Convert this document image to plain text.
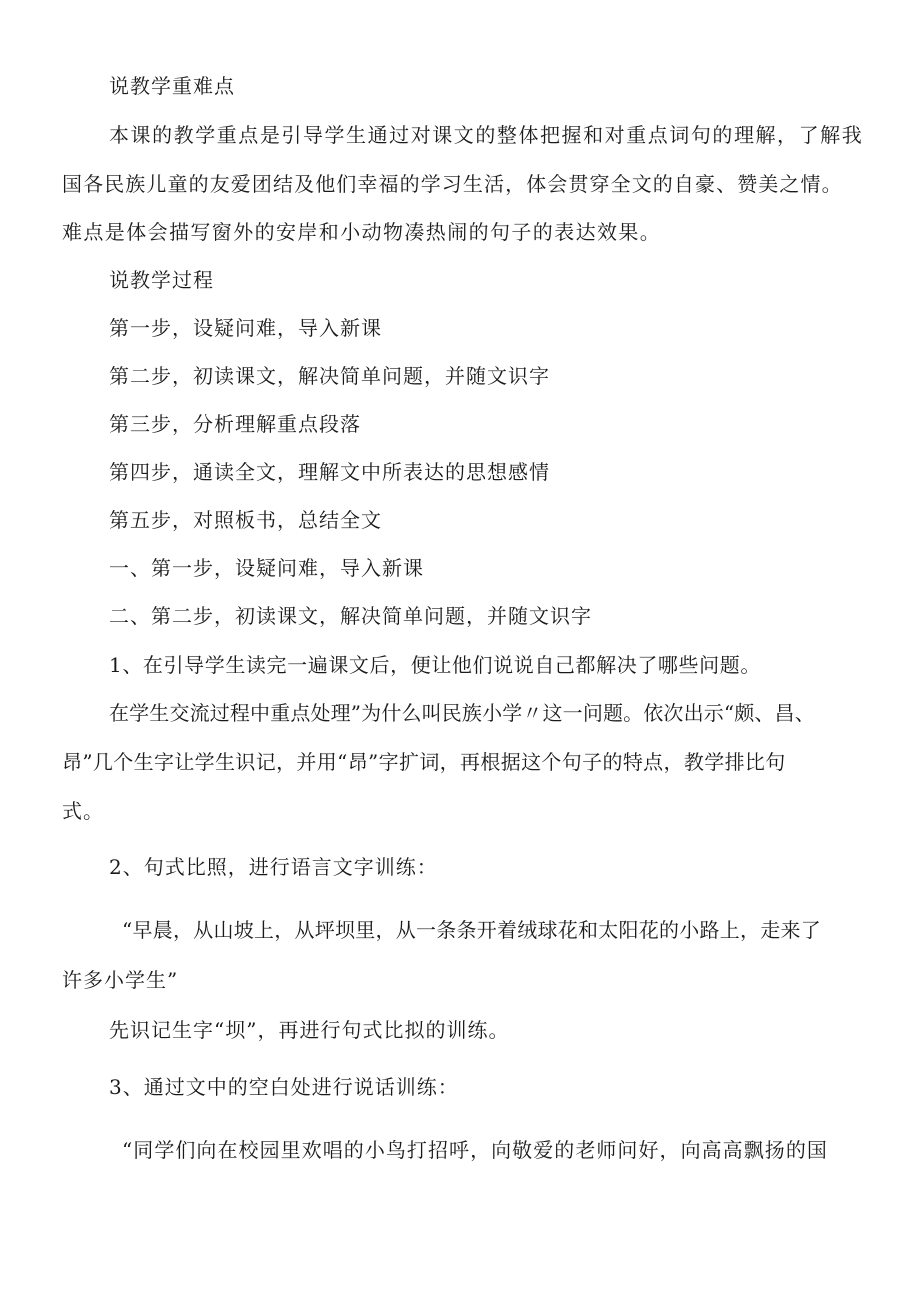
说教学重难点
本课的教学重点是引导学生通过对课文的整体把握和对重点词句的理解，了解我
国各民族儿童的友爱团结及他们幸福的学习生活，体会贯穿全文的自豪、赞美之情。
难点是体会描写窗外的安岸和小动物凑热闹的句子的表达效果。
说教学过程
第一步，设疑问难，导入新课
第二步，初读课文，解决简单问题，并随文识字
第三步，分析理解重点段落
第四步，通读全文，理解文中所表达的思想感情
第五步，对照板书，总结全文
一、第一步，设疑问难，导入新课
二、第二步，初读课文，解决简单问题，并随文识字
1、在引导学生读完一遍课文后，便让他们说说自己都解决了哪些问题。
在学生交流过程中重点处理”为什么叫民族小学〃这一问题。依次出示“颇、昌、
昂”几个生字让学生识记，并用“昂”字扩词，再根据这个句子的特点，教学排比句
式。
2、句式比照，进行语言文字训练：
“早晨，从山坡上，从坪坝里，从一条条开着绒球花和太阳花的小路上，走来了
许多小学生”
先识记生字“坝”，再进行句式比拟的训练。
3、通过文中的空白处进行说话训练：
“同学们向在校园里欢唱的小鸟打招呼，向敬爱的老师问好，向高高飘扬的国
